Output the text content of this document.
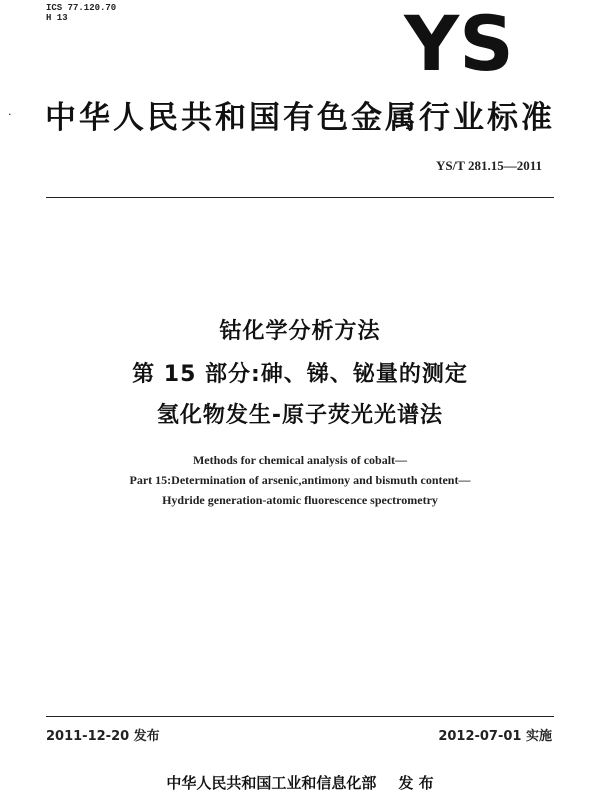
ICS 77.120.70
H 13	YS
·	中华人民共和国有色金属行业标准
YS/T 281.15—2011
钴化学分析方法
第 15 部分:砷、锑、铋量的测定
氢化物发生-原子荧光光谱法
Methods for chemical analysis of cobalt—
Part 15:Determination of arsenic,antimony and bismuth content—
Hydride generation-atomic fluorescence spectrometry
2011-12-20 发布	2012-07-01 实施
中华人民共和国工业和信息化部 发 布
